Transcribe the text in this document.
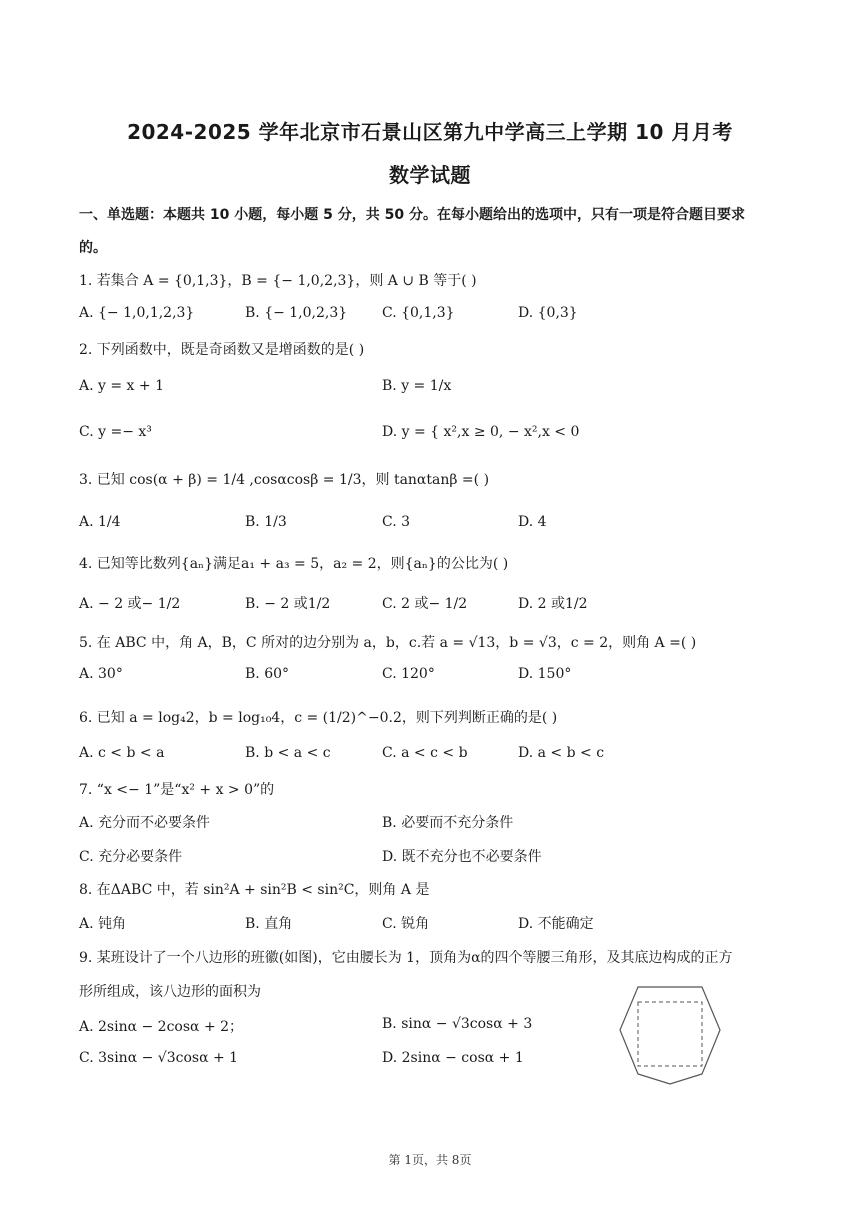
2024-2025 学年北京市石景山区第九中学高三上学期 10 月月考
数学试题
一、单选题：本题共 10 小题，每小题 5 分，共 50 分。在每小题给出的选项中，只有一项是符合题目要求
的。
1. 若集合 A = {0,1,3}，B = {− 1,0,2,3}，则 A ∪ B 等于( )
A. {− 1,0,1,2,3}	B. {− 1,0,2,3} C. {0,1,3}	D. {0,3}
2. 下列函数中，既是奇函数又是增函数的是( )
A. y = x + 1	B. y = 1/x
C. y =− x³	D. y = { x²,x ≥ 0, − x²,x < 0
3. 已知 cos(α + β) = 1/4 ,cosαcosβ = 1/3，则 tanαtanβ =( )
A. 1/4	B. 1/3	C. 3	D. 4
4. 已知等比数列{aₙ}满足a₁ + a₃ = 5，a₂ = 2，则{aₙ}的公比为( )
A. − 2 或− 1/2	B. − 2 或1/2	C. 2 或− 1/2	D. 2 或1/2
5. 在 ABC 中，角 A，B，C 所对的边分别为 a，b，c.若 a = √13，b = √3，c = 2，则角 A =( )
A. 30°	B. 60°	C. 120°	D. 150°
6. 已知 a = log₄2，b = log₁₀4，c = (1/2)^−0.2，则下列判断正确的是( )
A. c < b < a	B. b < a < c	C. a < c < b	D. a < b < c
7. “x <− 1”是“x² + x > 0”的
A. 充分而不必要条件	B. 必要而不充分条件
C. 充分必要条件	D. 既不充分也不必要条件
8. 在ΔABC 中，若 sin²A + sin²B < sin²C，则角 A 是
A. 钝角	B. 直角	C. 锐角	D. 不能确定
9. 某班设计了一个八边形的班徽(如图)，它由腰长为 1，顶角为α的四个等腰三角形，及其底边构成的正方
形所组成，该八边形的面积为
A. 2sinα − 2cosα + 2；	B. sinα − √3cosα + 3
C. 3sinα − √3cosα + 1	D. 2sinα − cosα + 1
第 1页，共 8页
